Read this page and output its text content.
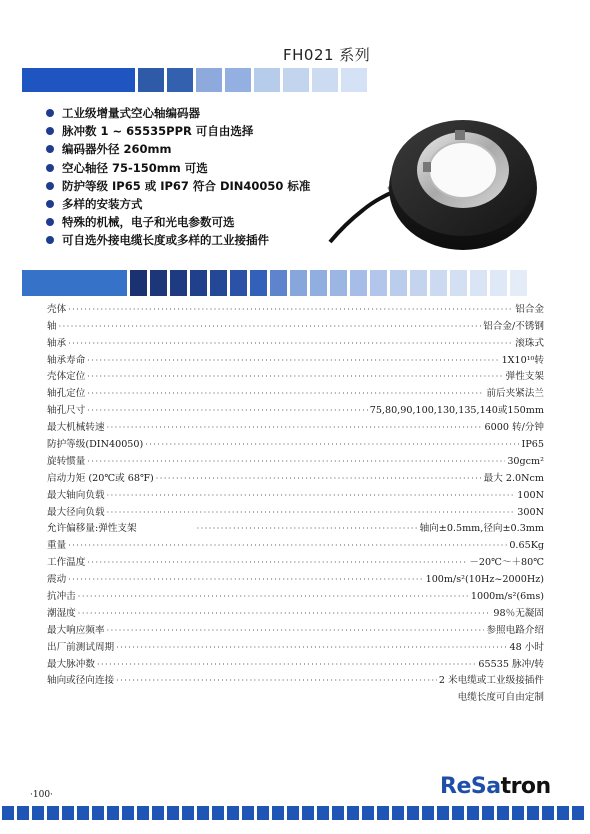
FH021 系列
工业级增量式空心轴编码器
脉冲数 1 ~ 65535PPR 可自由选择
编码器外径 260mm
空心轴径 75-150mm 可选
防护等级 IP65 或 IP67 符合 DIN40050 标准
多样的安装方式
特殊的机械，电子和光电参数可选
可自选外接电缆长度或多样的工业接插件
壳体 ·····	铝合金
轴 ·····	铝合金/不锈钢
轴承 ·····	滚珠式
轴承寿命 ·····	1X10¹⁰转
壳体定位 ·····	弹性支架
轴孔定位 ·····	前后夹紧法兰
轴孔尺寸 ·····	75,80,90,100,130,135,140或150mm
最大机械转速 ·····	6000 转/分钟
防护等级(DIN40050) ·····	IP65
旋转惯量 ·····	30gcm²
启动力矩 (20℃或 68℉) ·····	最大 2.0Ncm
最大轴向负载 ·····	100N
最大径向负载 ·····	300N
允许偏移量:弹性支架 ·····	轴向±0.5mm,径向±0.3mm
重量 ·····	0.65Kg
工作温度 ·····	－20℃～＋80℃
震动 ·····	100m/s²(10Hz~2000Hz)
抗冲击 ·····	1000m/s²(6ms)
潮湿度 ·····	98％无凝固
最大响应频率 ·····	参照电路介绍
出厂前测试周期 ·····	48 小时
最大脉冲数 ·····	65535 脉冲/转
轴向或径向连接 ·····	2 米电缆或工业级接插件
电缆长度可自由定制
·100·	ReSatron
